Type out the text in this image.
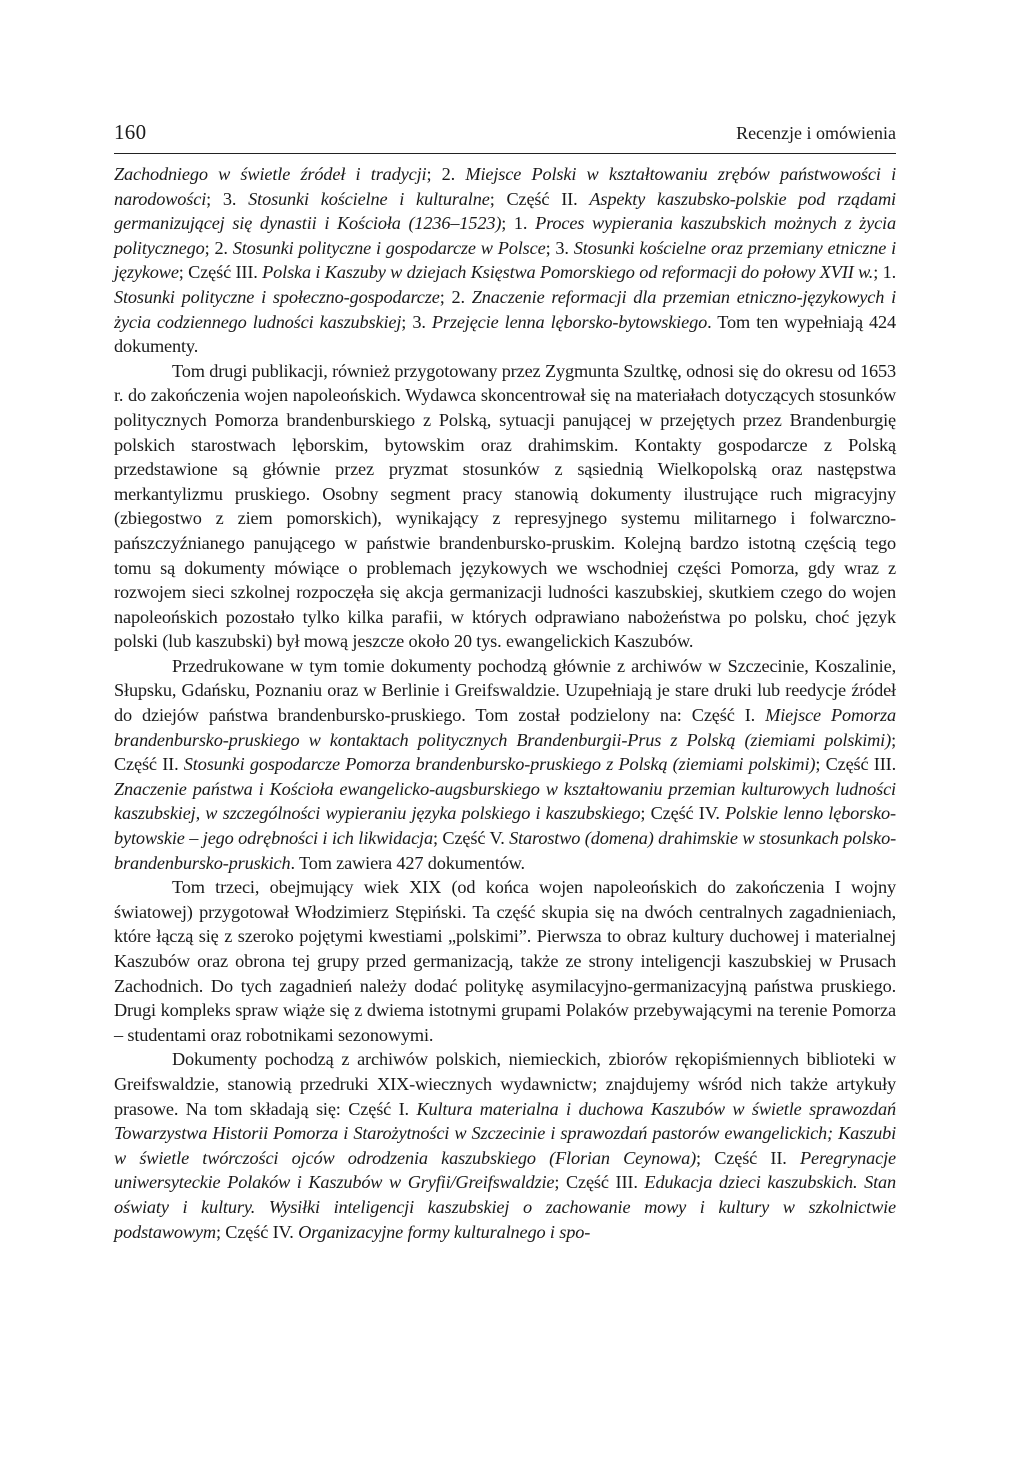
160	Recenzje i omówienia

Zachodniego w świetle źródeł i tradycji; 2. Miejsce Polski w kształtowaniu zrębów państwowości i narodowości; 3. Stosunki kościelne i kulturalne; Część II. Aspekty kaszubsko-polskie pod rządami germanizującej się dynastii i Kościoła (1236–1523); 1. Proces wypierania kaszubskich możnych z życia politycznego; 2. Stosunki polityczne i gospodarcze w Polsce; 3. Stosunki kościelne oraz przemiany etniczne i językowe; Część III. Polska i Kaszuby w dziejach Księstwa Pomorskiego od reformacji do połowy XVII w.; 1. Stosunki polityczne i społeczno-gospodarcze; 2. Znaczenie reformacji dla przemian etniczno-językowych i życia codziennego ludności kaszubskiej; 3. Przejęcie lenna lęborsko-bytowskiego. Tom ten wypełniają 424 dokumenty.

Tom drugi publikacji, również przygotowany przez Zygmunta Szultkę, odnosi się do okresu od 1653 r. do zakończenia wojen napoleońskich. Wydawca skoncentrował się na materiałach dotyczących stosunków politycznych Pomorza brandenburskiego z Polską, sytuacji panującej w przejętych przez Brandenburgię polskich starostwach lęborskim, bytowskim oraz drahimskim. Kontakty gospodarcze z Polską przedstawione są głównie przez pryzmat stosunków z sąsiednią Wielkopolską oraz następstwa merkantylizmu pruskiego. Osobny segment pracy stanowią dokumenty ilustrujące ruch migracyjny (zbiegostwo z ziem pomorskich), wynikający z represyjnego systemu militarnego i folwarczno-pańszczyźnianego panującego w państwie brandenbursko-pruskim. Kolejną bardzo istotną częścią tego tomu są dokumenty mówiące o problemach językowych we wschodniej części Pomorza, gdy wraz z rozwojem sieci szkolnej rozpoczęła się akcja germanizacji ludności kaszubskiej, skutkiem czego do wojen napoleońskich pozostało tylko kilka parafii, w których odprawiano nabożeństwa po polsku, choć język polski (lub kaszubski) był mową jeszcze około 20 tys. ewangelickich Kaszubów.

Przedrukowane w tym tomie dokumenty pochodzą głównie z archiwów w Szczecinie, Koszalinie, Słupsku, Gdańsku, Poznaniu oraz w Berlinie i Greifswaldzie. Uzupełniają je stare druki lub reedycje źródeł do dziejów państwa brandenbursko-pruskiego. Tom został podzielony na: Część I. Miejsce Pomorza brandenbursko-pruskiego w kontaktach politycznych Brandenburgii-Prus z Polską (ziemiami polskimi); Część II. Stosunki gospodarcze Pomorza brandenbursko-pruskiego z Polską (ziemiami polskimi); Część III. Znaczenie państwa i Kościoła ewangelicko-augsburskiego w kształtowaniu przemian kulturowych ludności kaszubskiej, w szczególności wypieraniu języka polskiego i kaszubskiego; Część IV. Polskie lenno lęborsko-bytowskie – jego odrębności i ich likwidacja; Część V. Starostwo (domena) drahimskie w stosunkach polsko-brandenbursko-pruskich. Tom zawiera 427 dokumentów.

Tom trzeci, obejmujący wiek XIX (od końca wojen napoleońskich do zakończenia I wojny światowej) przygotował Włodzimierz Stępiński. Ta część skupia się na dwóch centralnych zagadnieniach, które łączą się z szeroko pojętymi kwestiami „polskimi”. Pierwsza to obraz kultury duchowej i materialnej Kaszubów oraz obrona tej grupy przed germanizacją, także ze strony inteligencji kaszubskiej w Prusach Zachodnich. Do tych zagadnień należy dodać politykę asymilacyjno-germanizacyjną państwa pruskiego. Drugi kompleks spraw wiąże się z dwiema istotnymi grupami Polaków przebywającymi na terenie Pomorza – studentami oraz robotnikami sezonowymi.

Dokumenty pochodzą z archiwów polskich, niemieckich, zbiorów rękopiśmiennych biblioteki w Greifswaldzie, stanowią przedruki XIX-wiecznych wydawnictw; znajdujemy wśród nich także artykuły prasowe. Na tom składają się: Część I. Kultura materialna i duchowa Kaszubów w świetle sprawozdań Towarzystwa Historii Pomorza i Starożytności w Szczecinie i sprawozdań pastorów ewangelickich; Kaszubi w świetle twórczości ojców odrodzenia kaszubskiego (Florian Ceynowa); Część II. Peregrynacje uniwersyteckie Polaków i Kaszubów w Gryfii/Greifswaldzie; Część III. Edukacja dzieci kaszubskich. Stan oświaty i kultury. Wysiłki inteligencji kaszubskiej o zachowanie mowy i kultury w szkolnictwie podstawowym; Część IV. Organizacyjne formy kulturalnego i spo-
